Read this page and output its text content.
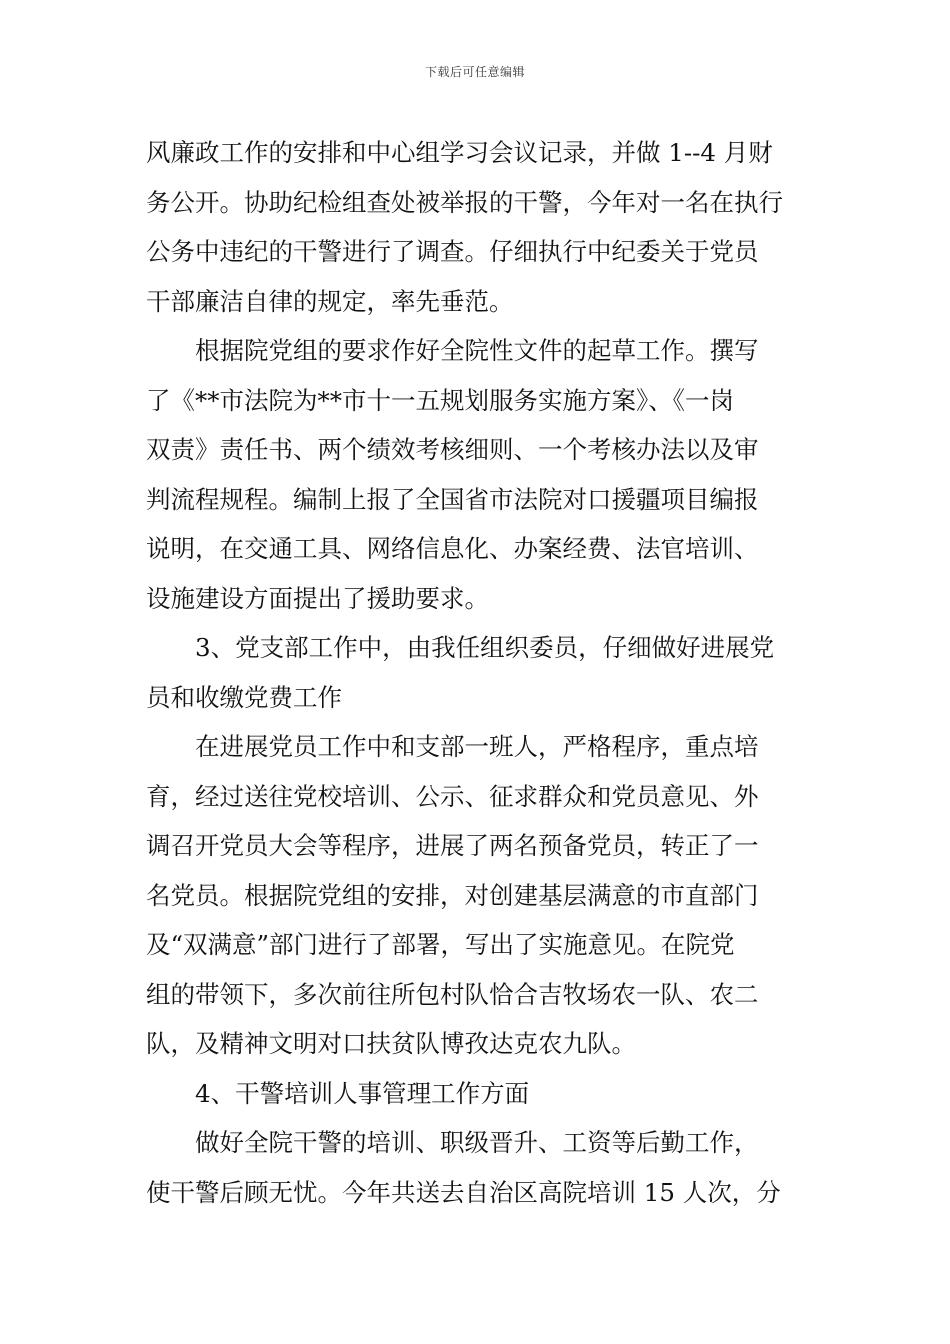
下载后可任意编辑
风廉政工作的安排和中心组学习会议记录，并做 1--4 月财
务公开。协助纪检组查处被举报的干警，今年对一名在执行
公务中违纪的干警进行了调查。仔细执行中纪委关于党员
干部廉洁自律的规定，率先垂范。
根据院党组的要求作好全院性文件的起草工作。撰写
了《**市法院为**市十一五规划服务实施方案》、《一岗
双责》责任书、两个绩效考核细则、一个考核办法以及审
判流程规程。编制上报了全国省市法院对口援疆项目编报
说明，在交通工具、网络信息化、办案经费、法官培训、
设施建设方面提出了援助要求。
3、党支部工作中，由我任组织委员，仔细做好进展党
员和收缴党费工作
在进展党员工作中和支部一班人，严格程序，重点培
育，经过送往党校培训、公示、征求群众和党员意见、外
调召开党员大会等程序，进展了两名预备党员，转正了一
名党员。根据院党组的安排，对创建基层满意的市直部门
及“双满意”部门进行了部署，写出了实施意见。在院党
组的带领下，多次前往所包村队恰合吉牧场农一队、农二
队，及精神文明对口扶贫队博孜达克农九队。
4、干警培训人事管理工作方面
做好全院干警的培训、职级晋升、工资等后勤工作，
使干警后顾无忧。今年共送去自治区高院培训 15 人次，分
